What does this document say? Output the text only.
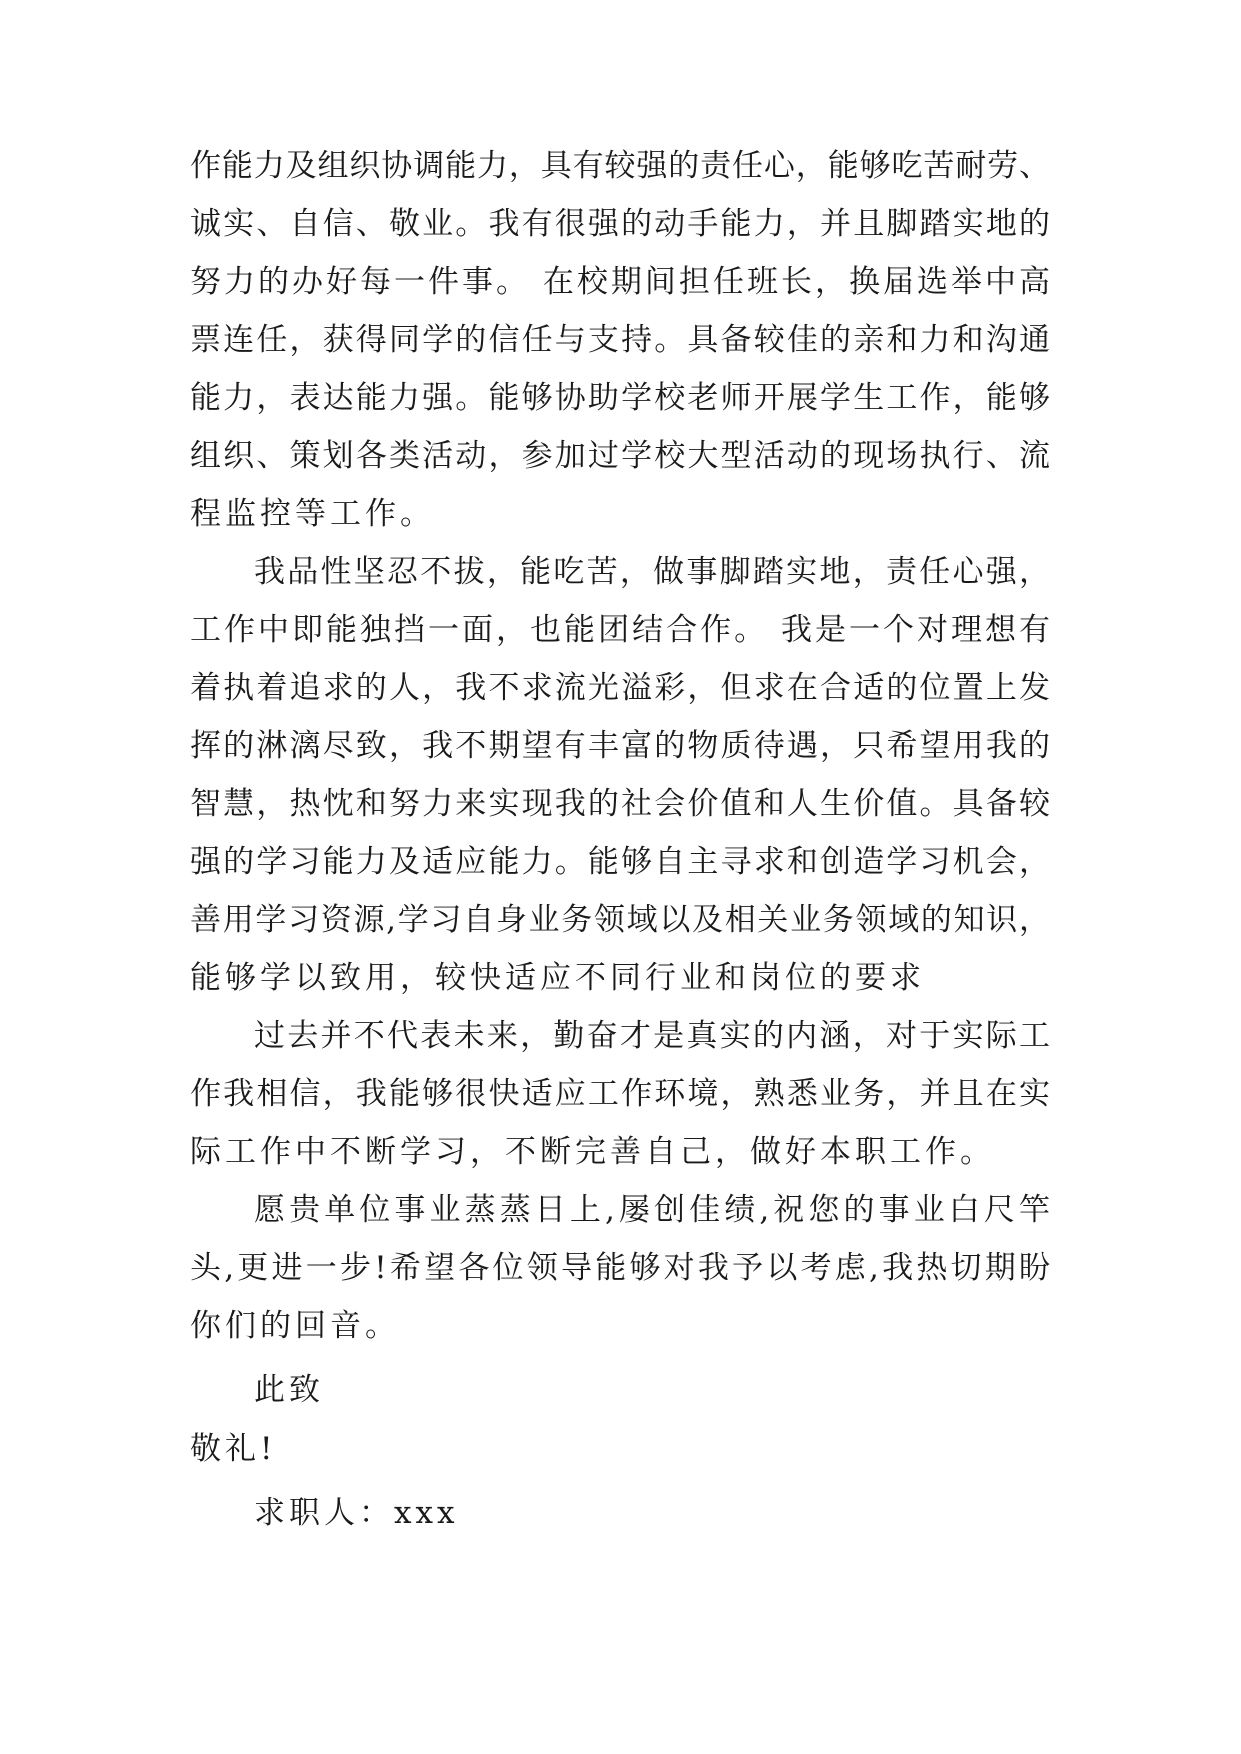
作能力及组织协调能力，具有较强的责任心，能够吃苦耐劳、
诚实、自信、敬业。我有很强的动手能力，并且脚踏实地的
努力的办好每一件事。 在校期间担任班长，换届选举中高
票连任，获得同学的信任与支持。具备较佳的亲和力和沟通
能力，表达能力强。能够协助学校老师开展学生工作，能够
组织、策划各类活动，参加过学校大型活动的现场执行、流
程监控等工作。
我品性坚忍不拔，能吃苦，做事脚踏实地，责任心强，
工作中即能独挡一面，也能团结合作。 我是一个对理想有
着执着追求的人，我不求流光溢彩，但求在合适的位置上发
挥的淋漓尽致，我不期望有丰富的物质待遇，只希望用我的
智慧，热忱和努力来实现我的社会价值和人生价值。具备较
强的学习能力及适应能力。能够自主寻求和创造学习机会，
善用学习资源,学习自身业务领域以及相关业务领域的知识，
能够学以致用，较快适应不同行业和岗位的要求
过去并不代表未来，勤奋才是真实的内涵，对于实际工
作我相信，我能够很快适应工作环境，熟悉业务，并且在实
际工作中不断学习，不断完善自己，做好本职工作。
愿贵单位事业蒸蒸日上,屡创佳绩,祝您的事业白尺竿
头,更进一步!希望各位领导能够对我予以考虑,我热切期盼
你们的回音。
此致
敬礼!
求职人：xxx
